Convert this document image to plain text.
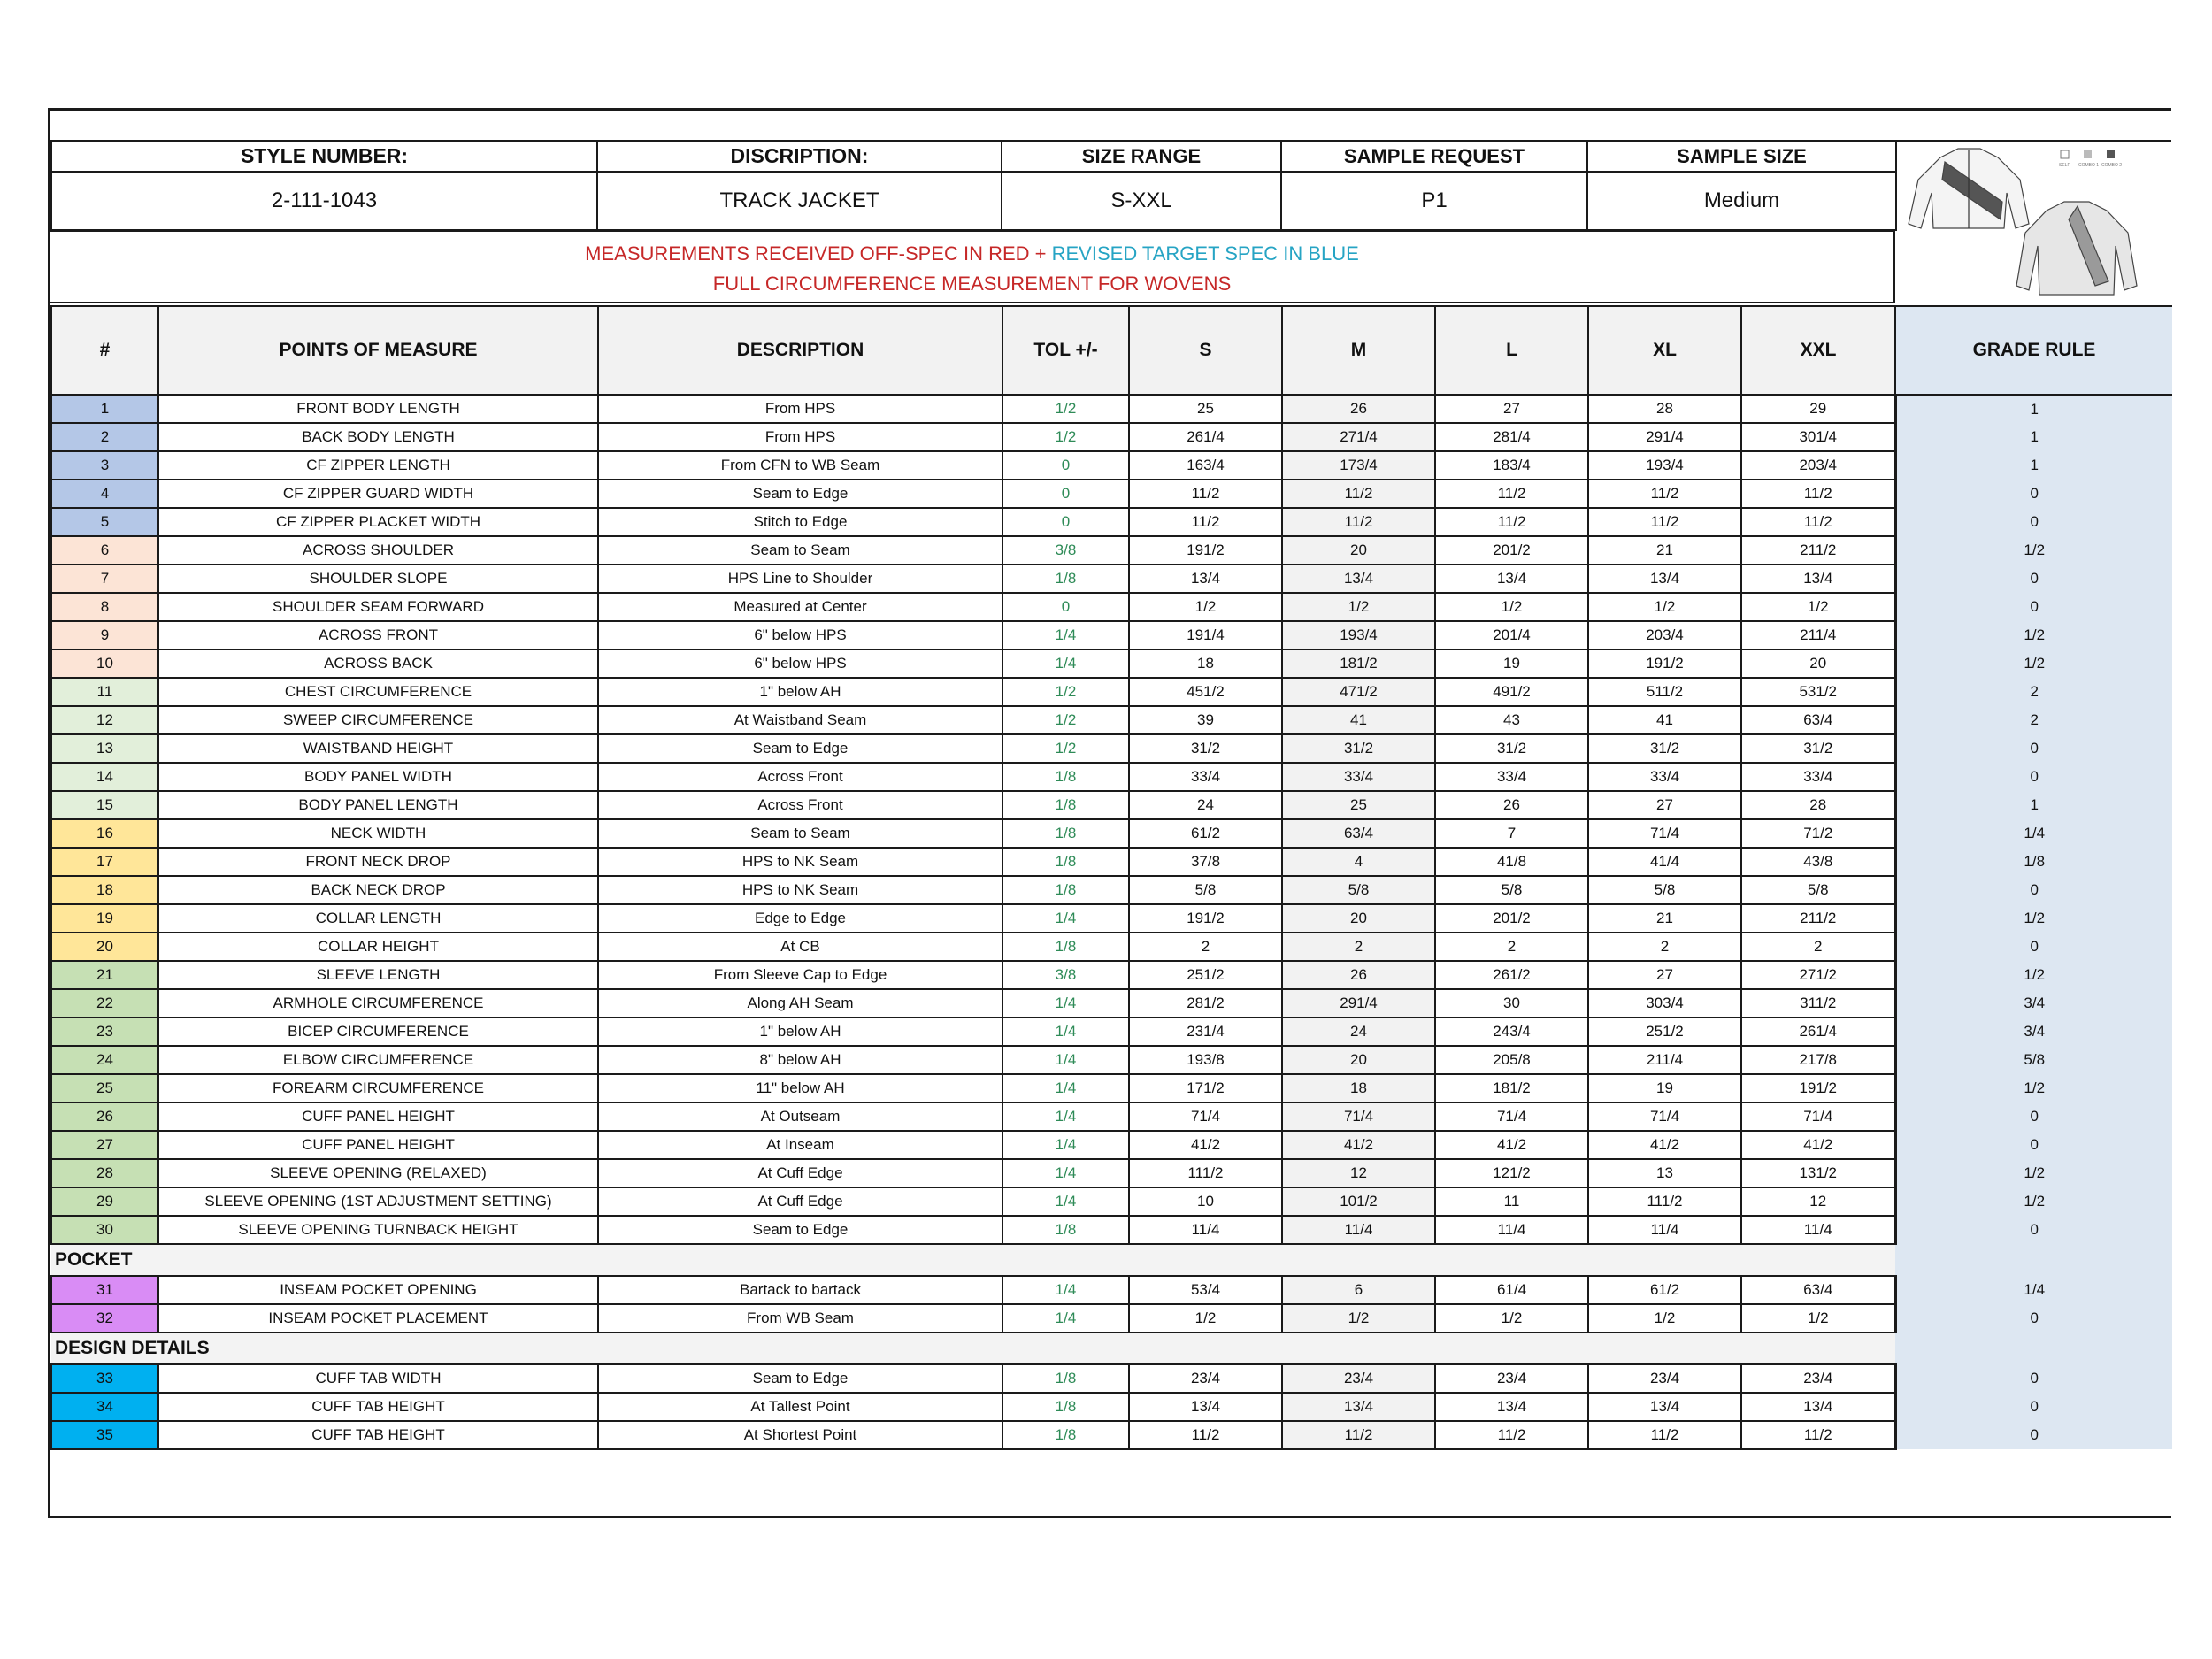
STYLE NUMBER:	DISCRIPTION:	SIZE RANGE	SAMPLE REQUEST	SAMPLE SIZE
2-111-1043	TRACK JACKET	S-XXL	P1	Medium
MEASUREMENTS RECEIVED OFF-SPEC IN RED + REVISED TARGET SPEC IN BLUE
FULL CIRCUMFERENCE MEASUREMENT FOR WOVENS
SELF COMBO 1 COMBO 2
#	POINTS OF MEASURE	DESCRIPTION	TOL +/-	S	M	L	XL	XXL	GRADE RULE
1	FRONT BODY LENGTH	From HPS	1/2	25	26	27	28	29	1
2	BACK BODY LENGTH	From HPS	1/2	261/4	271/4	281/4	291/4	301/4	1
3	CF ZIPPER LENGTH	From CFN to WB Seam	0	163/4	173/4	183/4	193/4	203/4	1
4	CF ZIPPER GUARD WIDTH	Seam to Edge	0	11/2	11/2	11/2	11/2	11/2	0
5	CF ZIPPER PLACKET WIDTH	Stitch to Edge	0	11/2	11/2	11/2	11/2	11/2	0
6	ACROSS SHOULDER	Seam to Seam	3/8	191/2	20	201/2	21	211/2	1/2
7	SHOULDER SLOPE	HPS Line to Shoulder	1/8	13/4	13/4	13/4	13/4	13/4	0
8	SHOULDER SEAM FORWARD	Measured at Center	0	1/2	1/2	1/2	1/2	1/2	0
9	ACROSS FRONT	6" below HPS	1/4	191/4	193/4	201/4	203/4	211/4	1/2
10	ACROSS BACK	6" below HPS	1/4	18	181/2	19	191/2	20	1/2
11	CHEST CIRCUMFERENCE	1" below AH	1/2	451/2	471/2	491/2	511/2	531/2	2
12	SWEEP CIRCUMFERENCE	At Waistband Seam	1/2	39	41	43	41	63/4	2
13	WAISTBAND HEIGHT	Seam to Edge	1/2	31/2	31/2	31/2	31/2	31/2	0
14	BODY PANEL WIDTH	Across Front	1/8	33/4	33/4	33/4	33/4	33/4	0
15	BODY PANEL LENGTH	Across Front	1/8	24	25	26	27	28	1
16	NECK WIDTH	Seam to Seam	1/8	61/2	63/4	7	71/4	71/2	1/4
17	FRONT NECK DROP	HPS to NK Seam	1/8	37/8	4	41/8	41/4	43/8	1/8
18	BACK NECK DROP	HPS to NK Seam	1/8	5/8	5/8	5/8	5/8	5/8	0
19	COLLAR LENGTH	Edge to Edge	1/4	191/2	20	201/2	21	211/2	1/2
20	COLLAR HEIGHT	At CB	1/8	2	2	2	2	2	0
21	SLEEVE LENGTH	From Sleeve Cap to Edge	3/8	251/2	26	261/2	27	271/2	1/2
22	ARMHOLE CIRCUMFERENCE	Along AH Seam	1/4	281/2	291/4	30	303/4	311/2	3/4
23	BICEP CIRCUMFERENCE	1" below AH	1/4	231/4	24	243/4	251/2	261/4	3/4
24	ELBOW CIRCUMFERENCE	8" below AH	1/4	193/8	20	205/8	211/4	217/8	5/8
25	FOREARM CIRCUMFERENCE	11" below AH	1/4	171/2	18	181/2	19	191/2	1/2
26	CUFF PANEL HEIGHT	At Outseam	1/4	71/4	71/4	71/4	71/4	71/4	0
27	CUFF PANEL HEIGHT	At Inseam	1/4	41/2	41/2	41/2	41/2	41/2	0
28	SLEEVE OPENING (RELAXED)	At Cuff Edge	1/4	111/2	12	121/2	13	131/2	1/2
29	SLEEVE OPENING (1ST ADJUSTMENT SETTING)	At Cuff Edge	1/4	10	101/2	11	111/2	12	1/2
30	SLEEVE OPENING TURNBACK HEIGHT	Seam to Edge	1/8	11/4	11/4	11/4	11/4	11/4	0
POCKET									
31	INSEAM POCKET OPENING	Bartack to bartack	1/4	53/4	6	61/4	61/2	63/4	1/4
32	INSEAM POCKET PLACEMENT	From WB Seam	1/4	1/2	1/2	1/2	1/2	1/2	0
DESIGN DETAILS									
33	CUFF TAB WIDTH	Seam to Edge	1/8	23/4	23/4	23/4	23/4	23/4	0
34	CUFF TAB HEIGHT	At Tallest Point	1/8	13/4	13/4	13/4	13/4	13/4	0
35	CUFF TAB HEIGHT	At Shortest Point	1/8	11/2	11/2	11/2	11/2	11/2	0
